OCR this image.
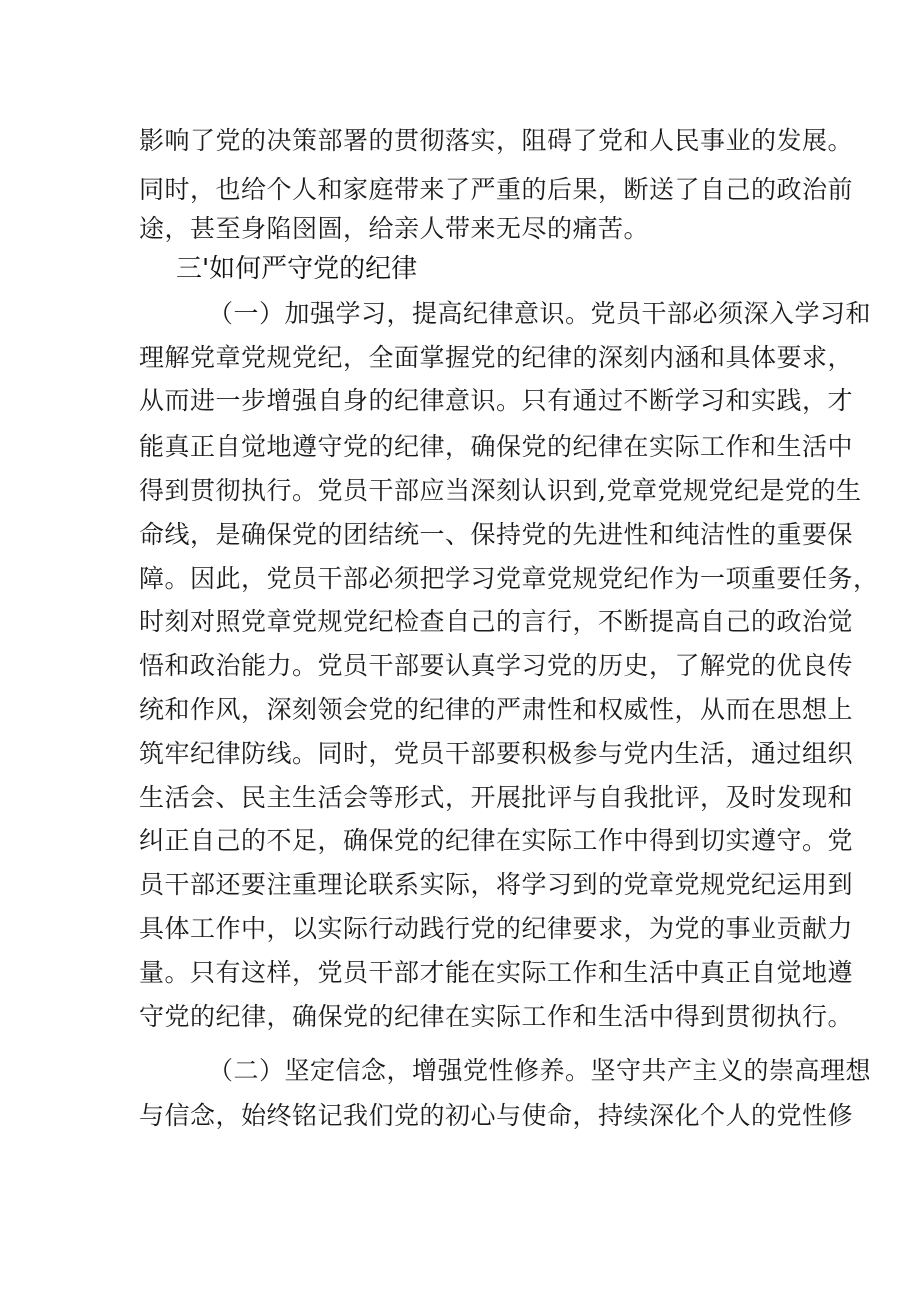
影响了党的决策部署的贯彻落实，阻碍了党和人民事业的发展。
同时，也给个人和家庭带来了严重的后果，断送了自己的政治前
途，甚至身陷囹圄，给亲人带来无尽的痛苦。
三'如何严守党的纪律
（一）加强学习，提高纪律意识。党员干部必须深入学习和
理解党章党规党纪，全面掌握党的纪律的深刻内涵和具体要求，
从而进一步增强自身的纪律意识。只有通过不断学习和实践，才
能真正自觉地遵守党的纪律，确保党的纪律在实际工作和生活中
得到贯彻执行。党员干部应当深刻认识到,党章党规党纪是党的生
命线，是确保党的团结统一、保持党的先进性和纯洁性的重要保
障。因此，党员干部必须把学习党章党规党纪作为一项重要任务，
时刻对照党章党规党纪检查自己的言行，不断提高自己的政治觉
悟和政治能力。党员干部要认真学习党的历史，了解党的优良传
统和作风，深刻领会党的纪律的严肃性和权威性，从而在思想上
筑牢纪律防线。同时，党员干部要积极参与党内生活，通过组织
生活会、民主生活会等形式，开展批评与自我批评，及时发现和
纠正自己的不足，确保党的纪律在实际工作中得到切实遵守。党
员干部还要注重理论联系实际，将学习到的党章党规党纪运用到
具体工作中，以实际行动践行党的纪律要求，为党的事业贡献力
量。只有这样，党员干部才能在实际工作和生活中真正自觉地遵
守党的纪律，确保党的纪律在实际工作和生活中得到贯彻执行。
（二）坚定信念，增强党性修养。坚守共产主义的崇高理想
与信念，始终铭记我们党的初心与使命，持续深化个人的党性修
